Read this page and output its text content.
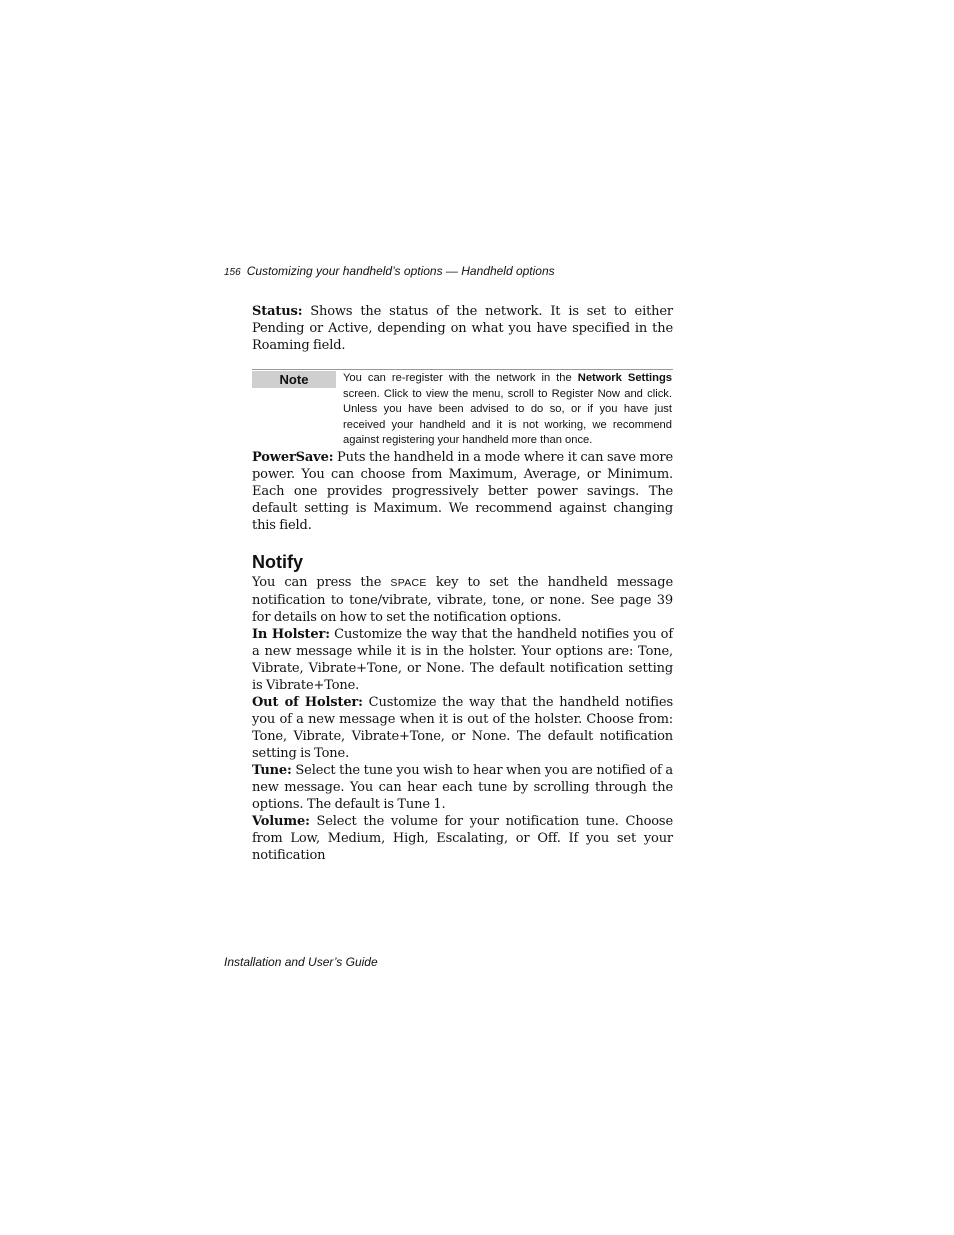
156 Customizing your handheld’s options — Handheld options

Status: Shows the status of the network. It is set to either Pending or Active, depending on what you have specified in the Roaming field.

Note	You can re-register with the network in the Network Settings screen. Click to view the menu, scroll to Register Now and click. Unless you have been advised to do so, or if you have just received your handheld and it is not working, we recommend against registering your handheld more than once.

PowerSave: Puts the handheld in a mode where it can save more power. You can choose from Maximum, Average, or Minimum. Each one provides progressively better power savings. The default setting is Maximum. We recommend against changing this field.

Notify

You can press the SPACE key to set the handheld message notification to tone/vibrate, vibrate, tone, or none. See page 39 for details on how to set the notification options.

In Holster: Customize the way that the handheld notifies you of a new message while it is in the holster. Your options are: Tone, Vibrate, Vibrate+Tone, or None. The default notification setting is Vibrate+Tone.

Out of Holster: Customize the way that the handheld notifies you of a new message when it is out of the holster. Choose from: Tone, Vibrate, Vibrate+Tone, or None. The default notification setting is Tone.

Tune: Select the tune you wish to hear when you are notified of a new message. You can hear each tune by scrolling through the options. The default is Tune 1.

Volume: Select the volume for your notification tune. Choose from Low, Medium, High, Escalating, or Off. If you set your notification

Installation and User’s Guide
